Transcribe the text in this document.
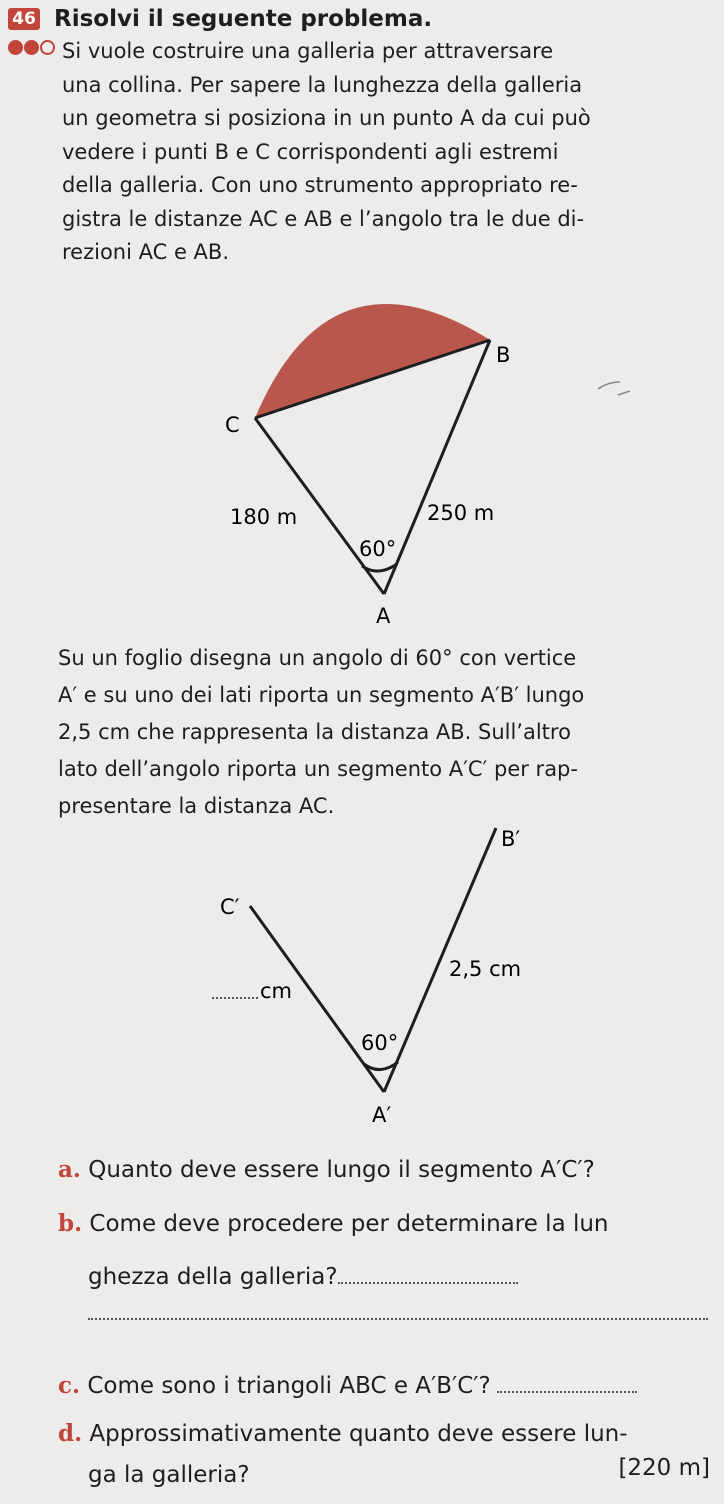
46 Risolvi il seguente problema.

Si vuole costruire una galleria per attraversare

una collina. Per sapere la lunghezza della galleria

un geometra si posiziona in un punto A da cui può

vedere i punti B e C corrispondenti agli estremi

della galleria. Con uno strumento appropriato re-

gistra le distanze AC e AB e l’angolo tra le due di-

rezioni AC e AB.

B
C
A
180 m	250 m
60°

Su un foglio disegna un angolo di 60° con vertice

A′ e su uno dei lati riporta un segmento A′B′ lungo

2,5 cm che rappresenta la distanza AB. Sull’altro

lato dell’angolo riporta un segmento A′C′ per rap-

presentare la distanza AC.

B′
C′
A′
2,5 cm
cm
60°
a. Quanto deve essere lungo il segmento A′C′?
b. Come deve procedere per determinare la lun
ghezza della galleria?
c. Come sono i triangoli ABC e A′B′C′?
d. Approssimativamente quanto deve essere lun-
ga la galleria?	[220 m]
